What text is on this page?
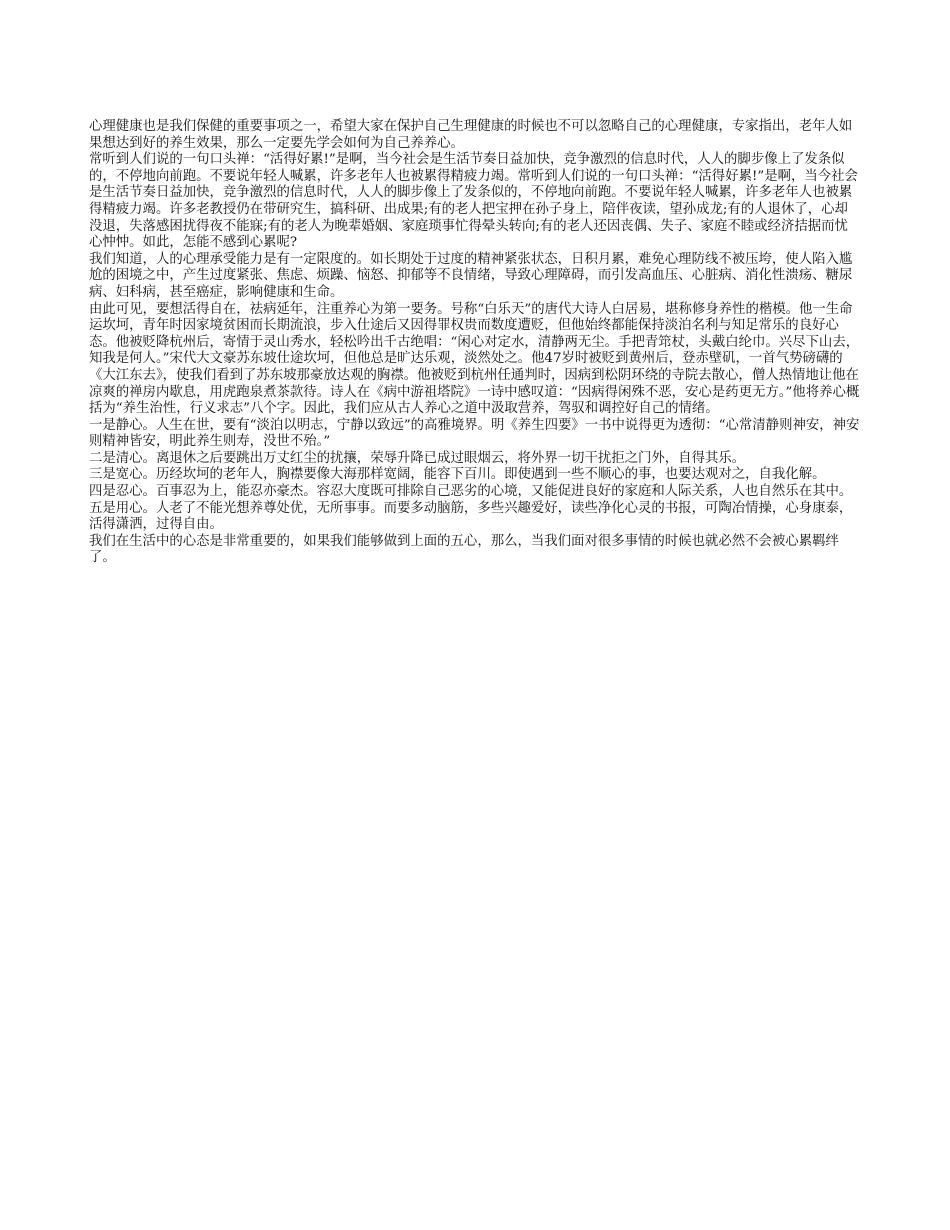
心理健康也是我们保健的重要事项之一，希望大家在保护自己生理健康的时候也不可以忽略自己的心理健康，专家指出，老年人如果想达到好的养生效果，那么一定要先学会如何为自己养养心。

常听到人们说的一句口头禅：“活得好累!”是啊，当今社会是生活节奏日益加快，竞争激烈的信息时代，人人的脚步像上了发条似的，不停地向前跑。不要说年轻人喊累，许多老年人也被累得精疲力竭。常听到人们说的一句口头禅：“活得好累!”是啊，当今社会是生活节奏日益加快，竞争激烈的信息时代，人人的脚步像上了发条似的，不停地向前跑。不要说年轻人喊累，许多老年人也被累得精疲力竭。许多老教授仍在带研究生，搞科研、出成果;有的老人把宝押在孙子身上，陪伴夜读，望孙成龙;有的人退休了，心却没退，失落感困扰得夜不能寐;有的老人为晚辈婚姻、家庭琐事忙得晕头转向;有的老人还因丧偶、失子、家庭不睦或经济拮据而忧心忡忡。如此，怎能不感到心累呢?

我们知道，人的心理承受能力是有一定限度的。如长期处于过度的精神紧张状态，日积月累，难免心理防线不被压垮，使人陷入尴尬的困境之中，产生过度紧张、焦虑、烦躁、恼怒、抑郁等不良情绪，导致心理障碍，而引发高血压、心脏病、消化性溃疡、糖尿病、妇科病，甚至癌症，影响健康和生命。

由此可见，要想活得自在，祛病延年，注重养心为第一要务。号称“白乐天”的唐代大诗人白居易，堪称修身养性的楷模。他一生命运坎坷，青年时因家境贫困而长期流浪，步入仕途后又因得罪权贵而数度遭贬，但他始终都能保持淡泊名利与知足常乐的良好心态。他被贬降杭州后，寄情于灵山秀水，轻松吟出千古绝唱：“闲心对定水，清静两无尘。手把青筇杖，头戴白纶巾。兴尽下山去，知我是何人。”宋代大文豪苏东坡仕途坎坷，但他总是旷达乐观，淡然处之。他47岁时被贬到黄州后，登赤壁矶，一首气势磅礴的《大江东去》，使我们看到了苏东坡那豪放达观的胸襟。他被贬到杭州任通判时，因病到松阴环绕的寺院去散心，僧人热情地让他在凉爽的禅房内歇息，用虎跑泉煮茶款待。诗人在《病中游祖塔院》一诗中感叹道：“因病得闲殊不恶，安心是药更无方。”他将养心概括为“养生治性，行义求志”八个字。因此，我们应从古人养心之道中汲取营养，驾驭和调控好自己的情绪。

一是静心。人生在世，要有“淡泊以明志，宁静以致远”的高雅境界。明《养生四要》一书中说得更为透彻：“心常清静则神安，神安则精神皆安，明此养生则寿，没世不殆。”

二是清心。离退休之后要跳出万丈红尘的扰攘，荣辱升降已成过眼烟云，将外界一切干扰拒之门外，自得其乐。

三是宽心。历经坎坷的老年人，胸襟要像大海那样宽阔，能容下百川。即使遇到一些不顺心的事，也要达观对之，自我化解。

四是忍心。百事忍为上，能忍亦豪杰。容忍大度既可排除自己恶劣的心境，又能促进良好的家庭和人际关系，人也自然乐在其中。

五是用心。人老了不能光想养尊处优，无所事事。而要多动脑筋，多些兴趣爱好，读些净化心灵的书报，可陶冶情操，心身康泰，活得潇洒，过得自由。

我们在生活中的心态是非常重要的，如果我们能够做到上面的五心，那么，当我们面对很多事情的时候也就必然不会被心累羁绊了。
